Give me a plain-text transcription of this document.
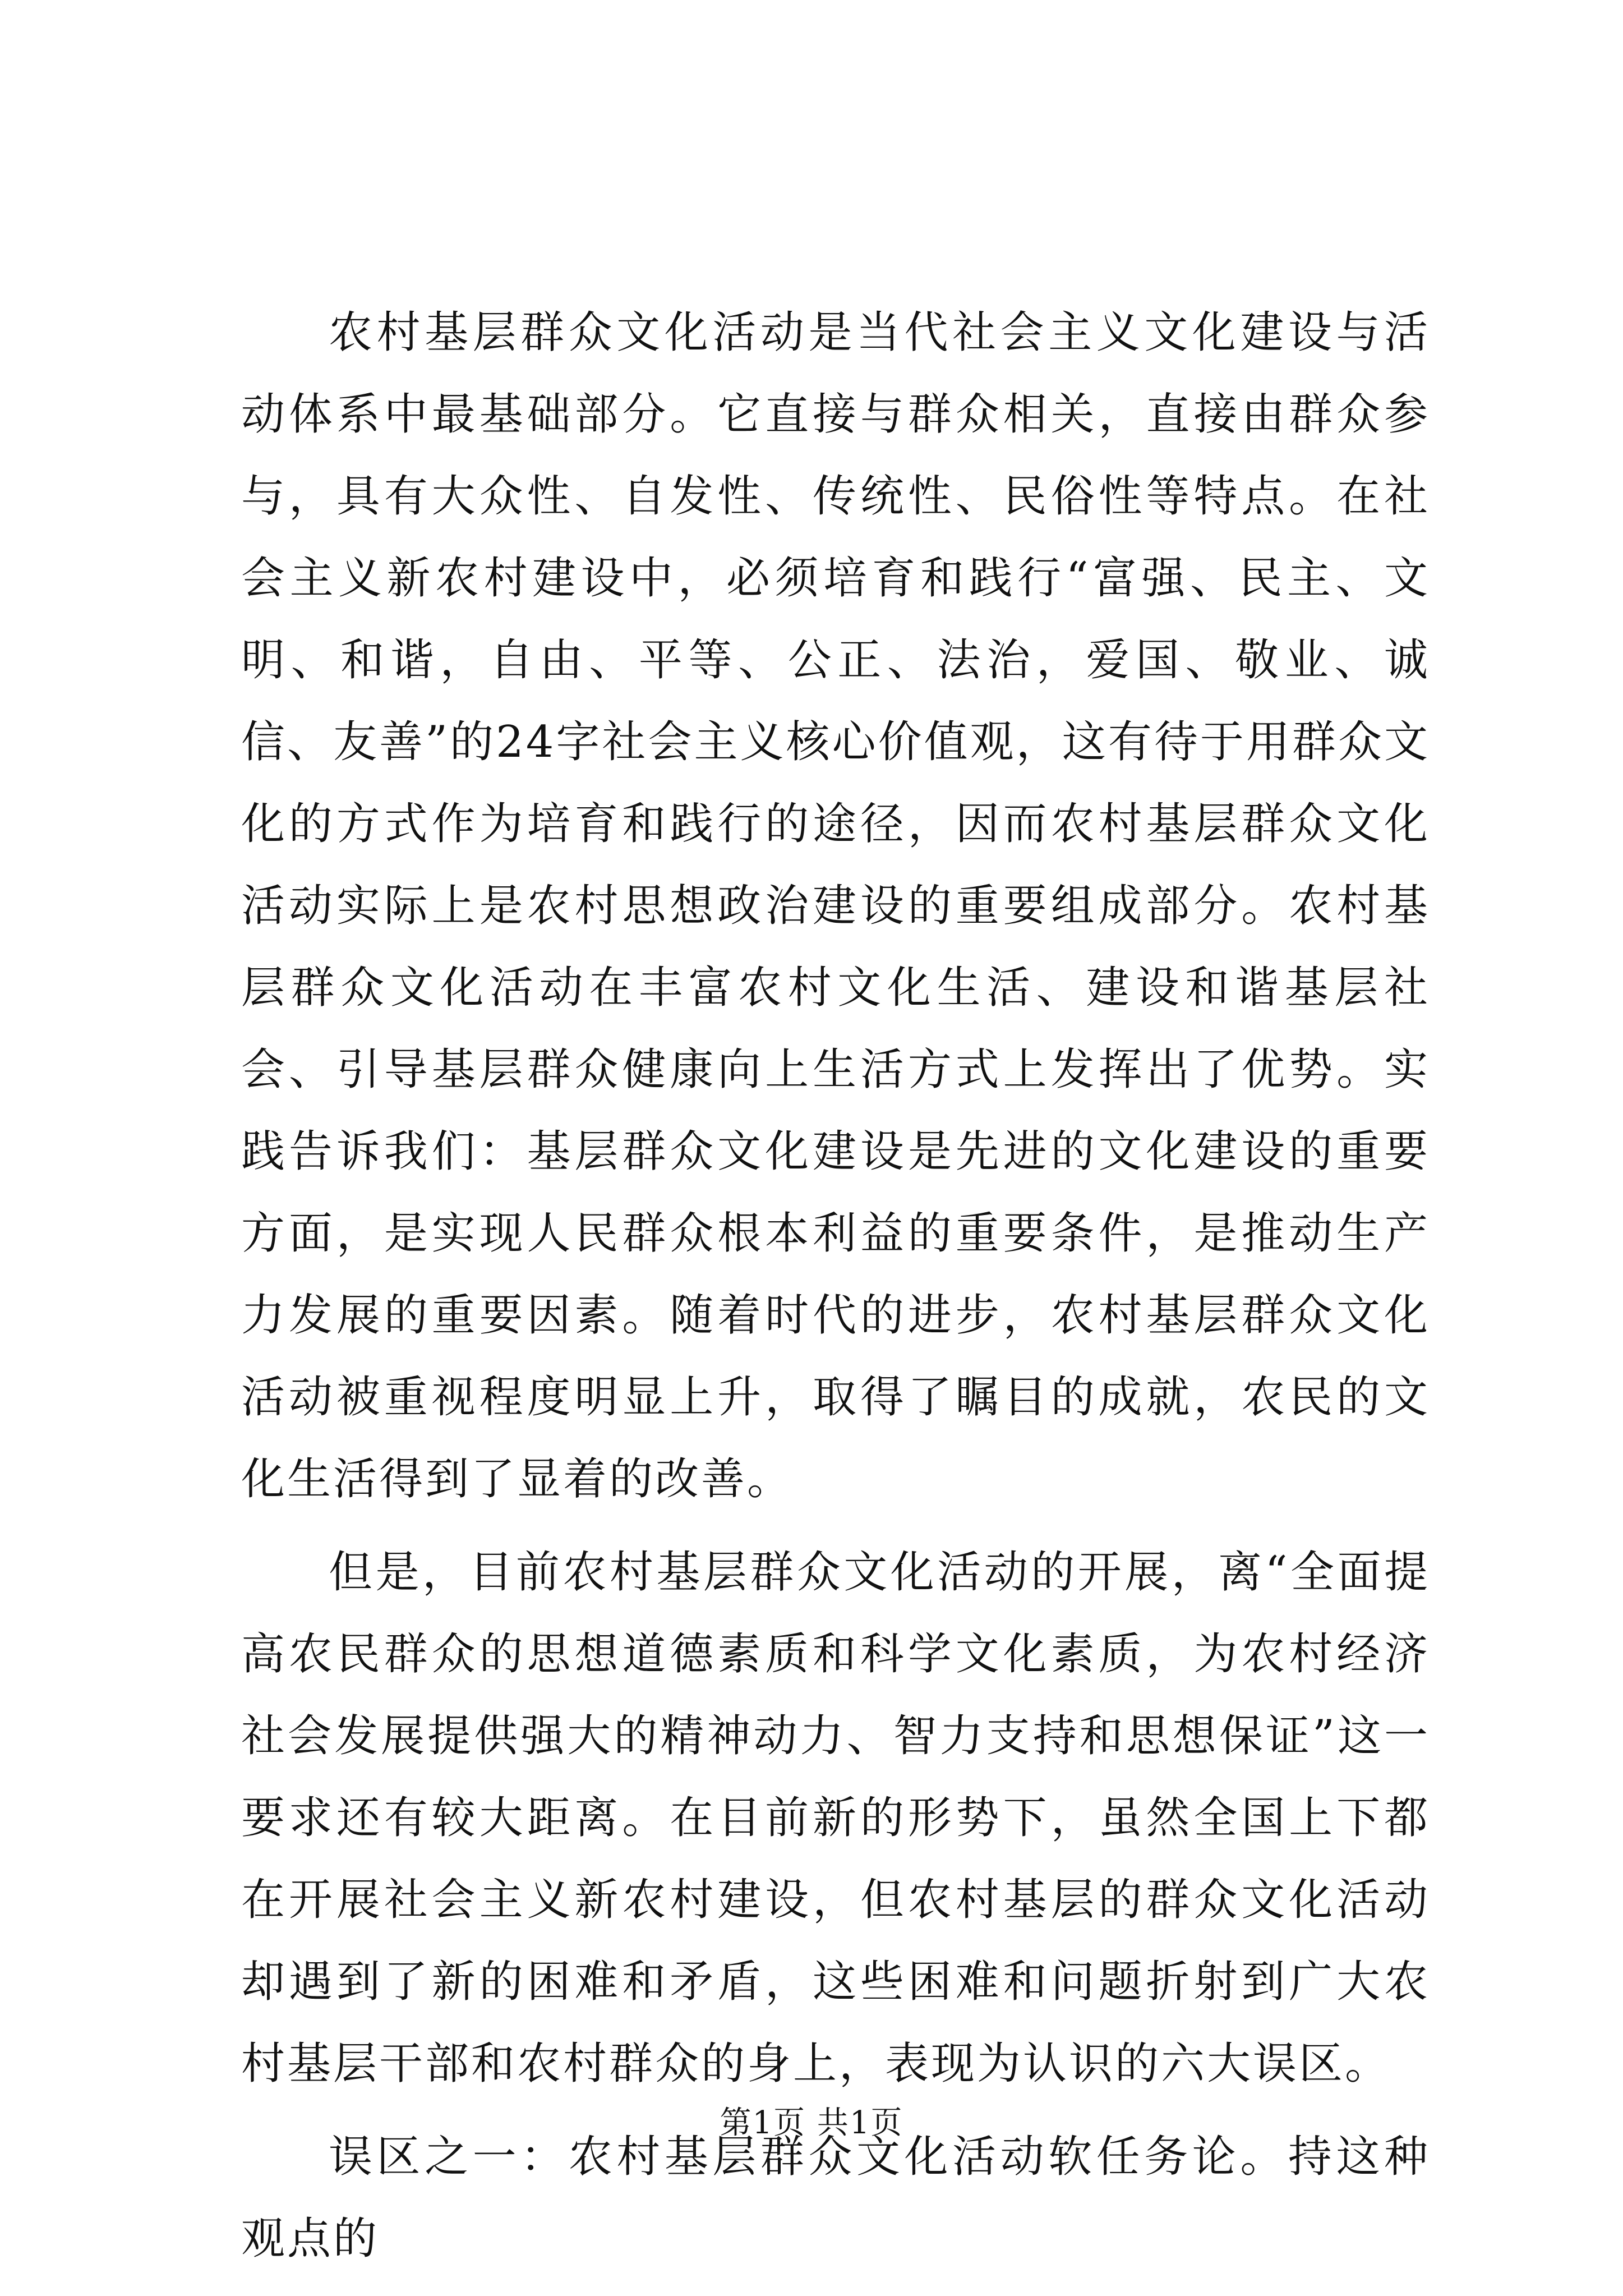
农村基层群众文化活动是当代社会主义文化建设与活动体系中最基础部分。它直接与群众相关，直接由群众参与，具有大众性、自发性、传统性、民俗性等特点。在社会主义新农村建设中，必须培育和践行“富强、民主、文明、和谐，自由、平等、公正、法治，爱国、敬业、诚信、友善”的24字社会主义核心价值观，这有待于用群众文化的方式作为培育和践行的途径，因而农村基层群众文化活动实际上是农村思想政治建设的重要组成部分。农村基层群众文化活动在丰富农村文化生活、建设和谐基层社会、引导基层群众健康向上生活方式上发挥出了优势。实践告诉我们：基层群众文化建设是先进的文化建设的重要方面，是实现人民群众根本利益的重要条件，是推动生产力发展的重要因素。随着时代的进步，农村基层群众文化活动被重视程度明显上升，取得了瞩目的成就，农民的文化生活得到了显着的改善。

但是，目前农村基层群众文化活动的开展，离“全面提高农民群众的思想道德素质和科学文化素质，为农村经济社会发展提供强大的精神动力、智力支持和思想保证”这一要求还有较大距离。在目前新的形势下，虽然全国上下都在开展社会主义新农村建设，但农村基层的群众文化活动却遇到了新的困难和矛盾，这些困难和问题折射到广大农村基层干部和农村群众的身上，表现为认识的六大误区。

误区之一：农村基层群众文化活动软任务论。持这种观点的

第1页 共1页
